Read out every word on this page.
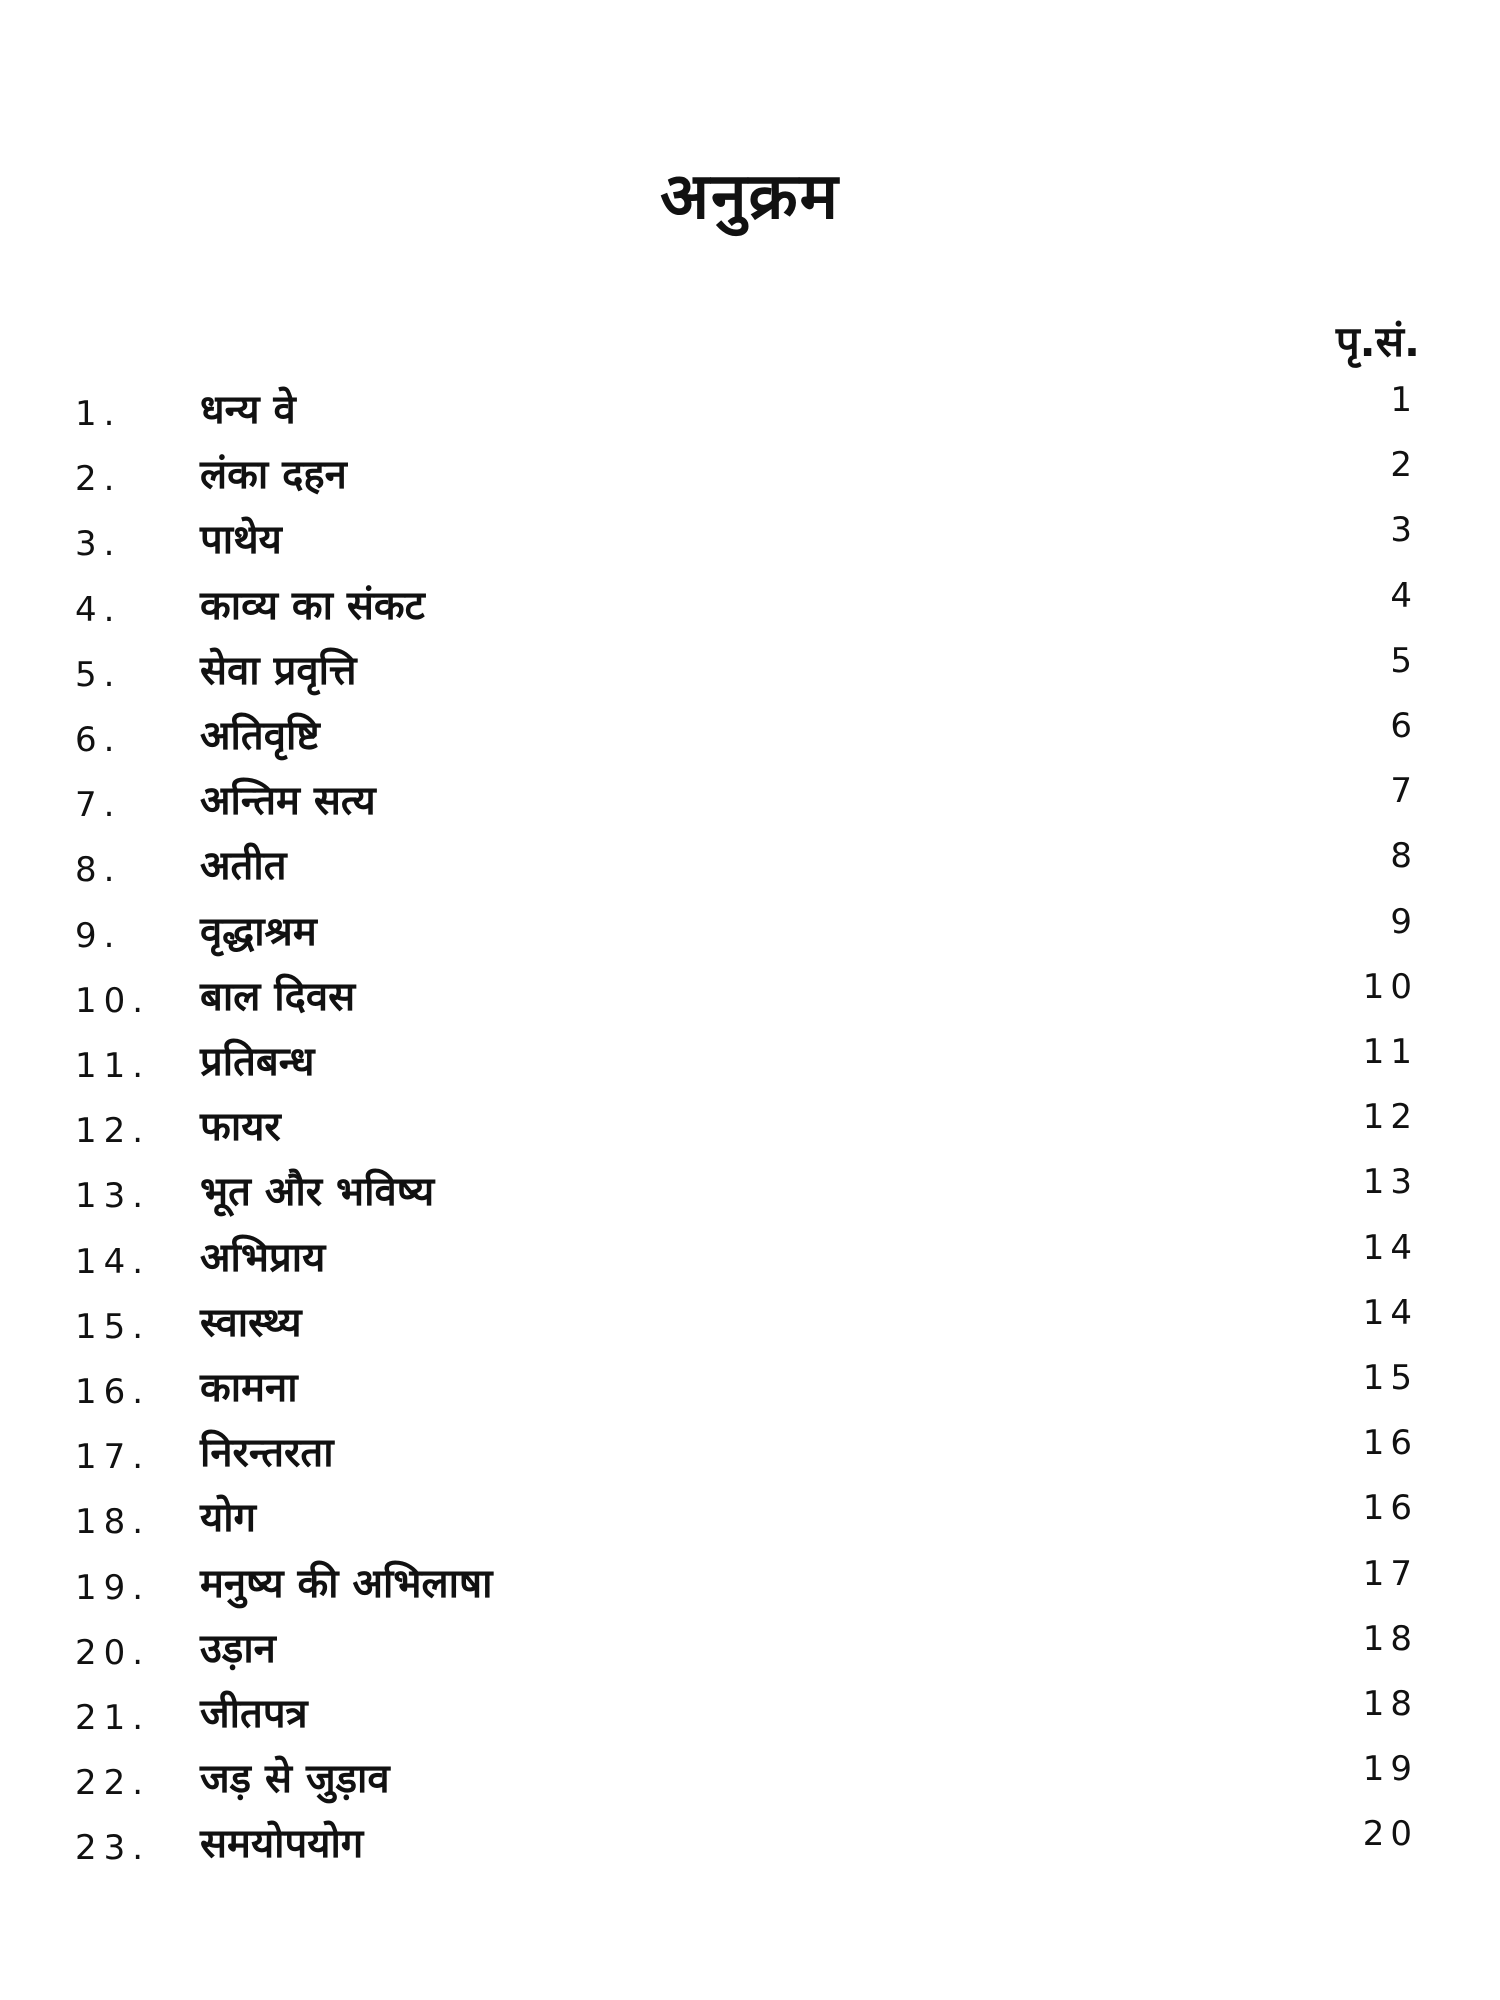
अनुक्रम
पृ.सं.
1. धन्य वे	1
2. लंका दहन	2
3. पाथेय	3
4. काव्य का संकट	4
5. सेवा प्रवृत्ति	5
6. अतिवृष्टि	6
7. अन्तिम सत्य	7
8. अतीत	8
9. वृद्धाश्रम	9
10. बाल दिवस	10
11. प्रतिबन्ध	11
12. फायर	12
13. भूत और भविष्य	13
14. अभिप्राय	14
15. स्वास्थ्य	14
16. कामना	15
17. निरन्तरता	16
18. योग	16
19. मनुष्य की अभिलाषा	17
20. उड़ान	18
21. जीतपत्र	18
22. जड़ से जुड़ाव	19
23. समयोपयोग	20
